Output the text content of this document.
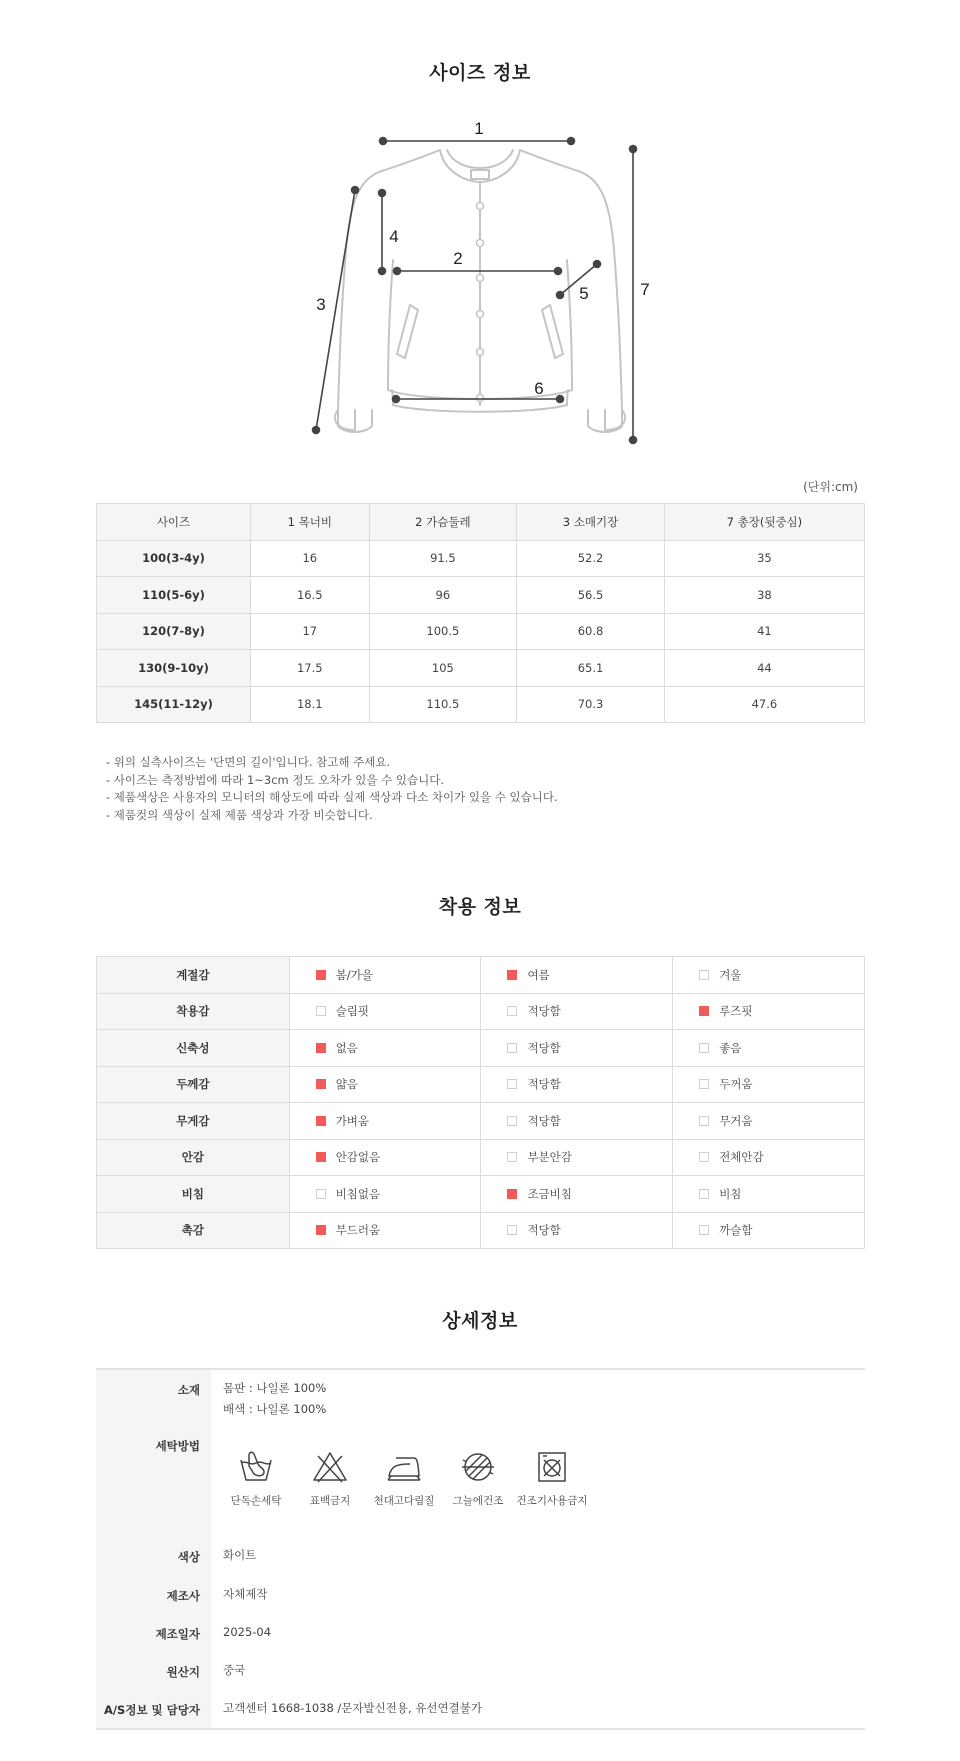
사이즈 정보
1
2
3
4
5
6
7
(단위:cm)
사이즈	1 목너비	2 가슴둘레	3 소매기장	7 총장(뒷중심)
100(3-4y)	16	91.5	52.2	35
110(5-6y)	16.5	96	56.5	38
120(7-8y)	17	100.5	60.8	41
130(9-10y)	17.5	105	65.1	44
145(11-12y)	18.1	110.5	70.3	47.6
- 위의 실측사이즈는 '단면의 길이'입니다. 참고해 주세요.
- 사이즈는 측정방법에 따라 1~3cm 정도 오차가 있을 수 있습니다.
- 제품색상은 사용자의 모니터의 해상도에 따라 실제 색상과 다소 차이가 있을 수 있습니다.
- 제품컷의 색상이 실제 제품 색상과 가장 비슷합니다.
착용 정보
계절감	봄/가을	여름	겨울
착용감	슬림핏	적당함	루즈핏
신축성	없음	적당함	좋음
두께감	얇음	적당함	두꺼움
무게감	가벼움	적당함	무거움
안감	안감없음	부분안감	전체안감
비침	비침없음	조금비침	비침
촉감	부드러움	적당함	까슬함
상세정보
소재 몸판 : 나일론 100%
배색 : 나일론 100%
세탁방법
단독손세탁	표백금지	천대고다림질	그늘에건조	건조기사용금지
색상 화이트
제조사 자체제작
제조일자 2025-04
원산지 중국
A/S정보 및 담당자 고객센터 1668-1038 /문자발신전용, 유선연결불가
